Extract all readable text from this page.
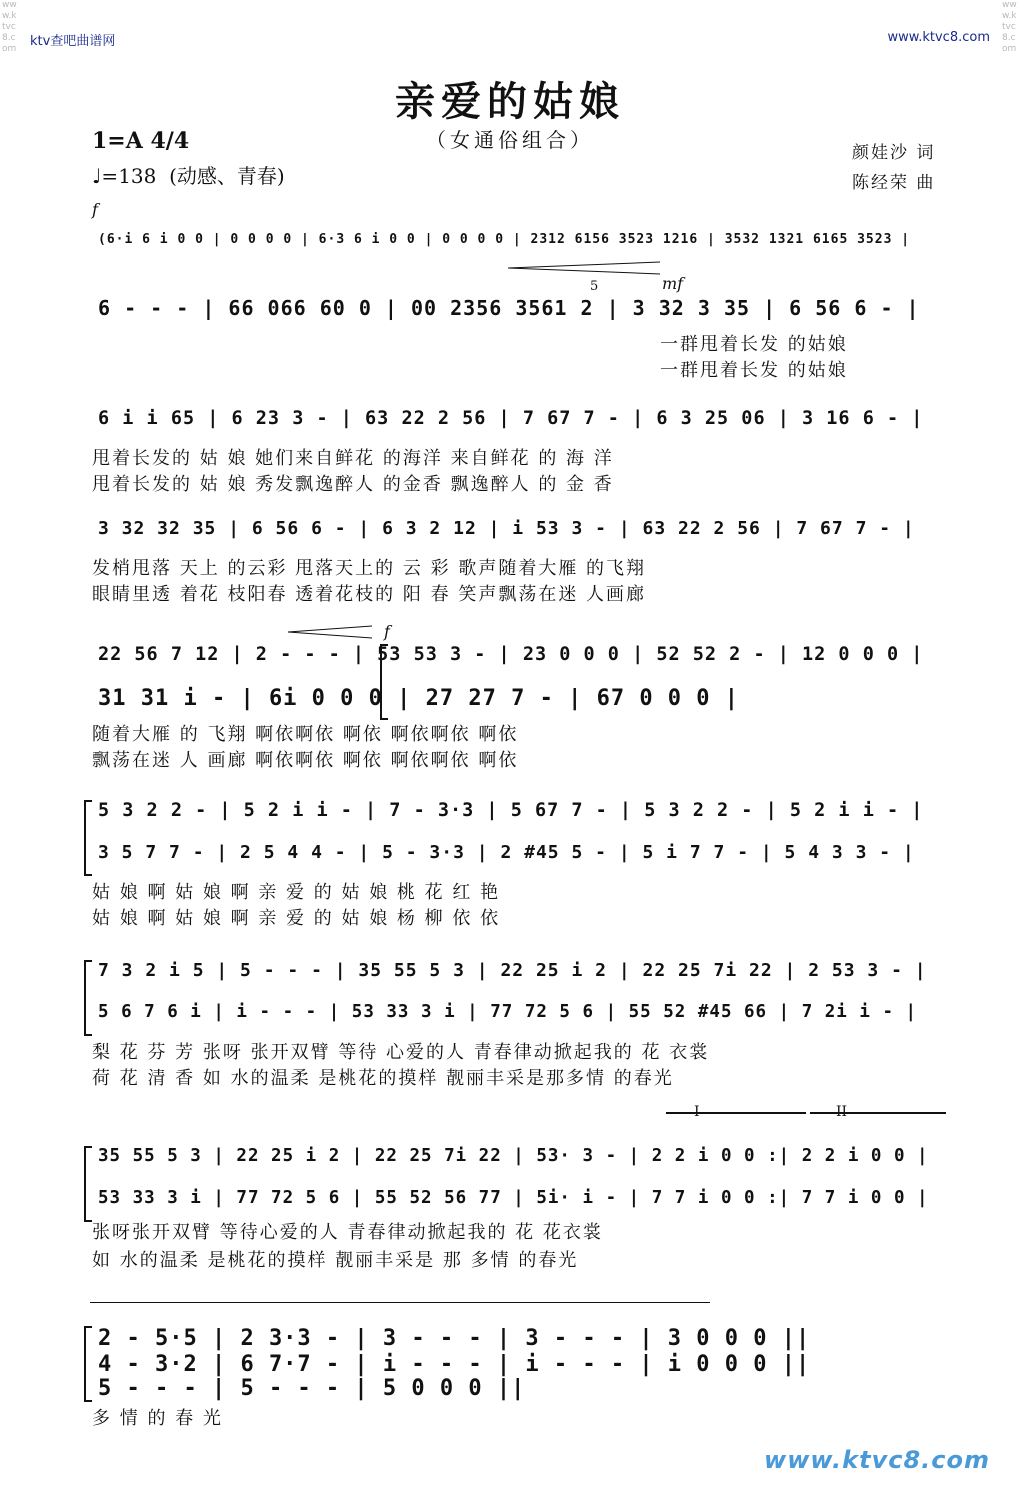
www.ktvc8.com
www.ktvc8.com
ktv查吧曲谱网	www.ktvc8.com
亲爱的姑娘
（女通俗组合）
1=A 4/4
♩=138  (动感、青春)
颜娃沙 词
陈经荣 曲
f
mf
f
5
I	II
(6·i 6 i 0 0 | 0 0 0 0 | 6·3 6 i 0 0 | 0 0 0 0 | 2312 6156 3523 1216 | 3532 1321 6165 3523 |
6 - - - | 66 066 60 0 | 00 2356 3561 2 | 3 32 3 35 | 6 56 6 - |
一群甩着长发 的姑娘
一群甩着长发 的姑娘
6 i i 65 | 6 23 3 - | 63 22 2 56 | 7 67 7 - | 6 3 25 06 | 3 16 6 - |
甩着长发的 姑 娘 她们来自鲜花 的海洋 来自鲜花 的 海 洋
甩着长发的 姑 娘 秀发飘逸醉人 的金香 飘逸醉人 的 金 香
3 32 32 35 | 6 56 6 - | 6 3 2 12 | i 53 3 - | 63 22 2 56 | 7 67 7 - |
发梢甩落 天上 的云彩 甩落天上的 云 彩 歌声随着大雁 的飞翔
眼睛里透 着花 枝阳春 透着花枝的 阳 春 笑声飘荡在迷 人画廊
22 56 7 12 | 2 - - - | 53 53 3 - | 23 0 0 0 | 52 52 2 - | 12 0 0 0 |
31 31 i - | 6i 0 0 0 | 27 27 7 - | 67 0 0 0 |
随着大雁 的 飞翔 啊依啊依 啊依 啊依啊依 啊依
飘荡在迷 人 画廊 啊依啊依 啊依 啊依啊依 啊依
5 3 2 2 - | 5 2 i i - | 7 - 3·3 | 5 67 7 - | 5 3 2 2 - | 5 2 i i - |
3 5 7 7 - | 2 5 4 4 - | 5 - 3·3 | 2 #45 5 - | 5 i 7 7 - | 5 4 3 3 - |
姑 娘 啊 姑 娘 啊 亲 爱 的 姑 娘 桃 花 红 艳
姑 娘 啊 姑 娘 啊 亲 爱 的 姑 娘 杨 柳 依 依
7 3 2 i 5 | 5 - - - | 35 55 5 3 | 22 25 i 2 | 22 25 7i 22 | 2 53 3 - |
5 6 7 6 i | i - - - | 53 33 3 i | 77 72 5 6 | 55 52 #45 66 | 7 2i i - |
梨 花 芬 芳 张呀 张开双臂 等待 心爱的人 青春律动掀起我的 花 衣裳
荷 花 清 香 如 水的温柔 是桃花的摸样 靓丽丰采是那多情 的春光
35 55 5 3 | 22 25 i 2 | 22 25 7i 22 | 53· 3 - | 2 2 i 0 0 :| 2 2 i 0 0 |
53 33 3 i | 77 72 5 6 | 55 52 56 77 | 5i· i - | 7 7 i 0 0 :| 7 7 i 0 0 |
张呀张开双臂 等待心爱的人 青春律动掀起我的 花 花衣裳
如 水的温柔 是桃花的摸样 靓丽丰采是 那 多情 的春光
2 - 5·5 | 2 3·3 - | 3 - - - | 3 - - - | 3 0 0 0 ||
4 - 3·2 | 6 7·7 - | i - - - | i - - - | i 0 0 0 ||
5 - - - | 5 - - - | 5 0 0 0 ||
多 情 的 春 光
www.ktvc8.com
